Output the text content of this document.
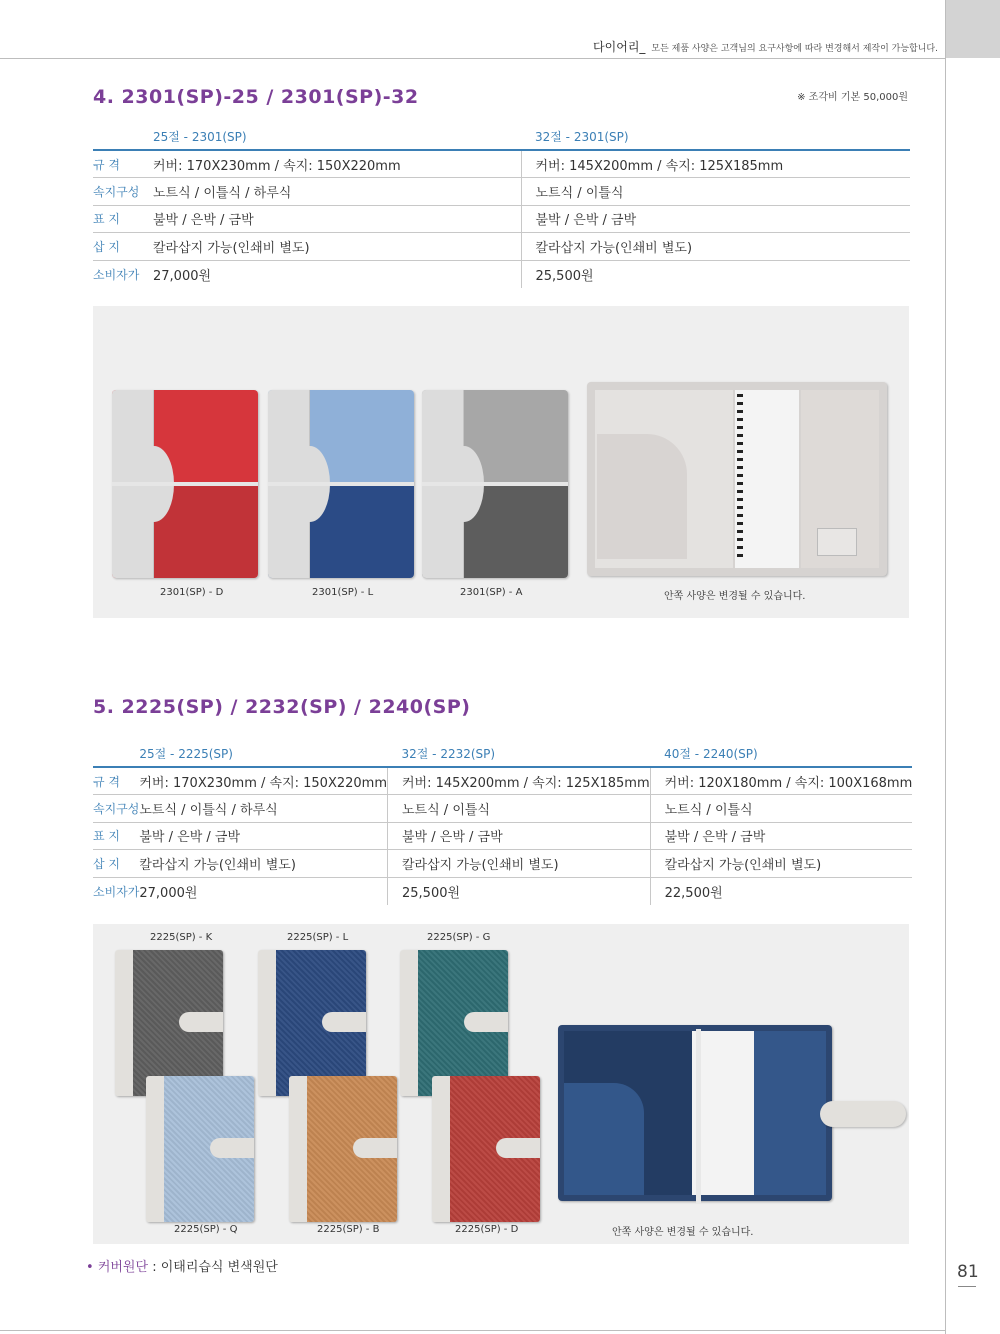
다이어리_ 모든 제품 사양은 고객님의 요구사항에 따라 변경해서 제작이 가능합니다.
4. 2301(SP)-25 / 2301(SP)-32	※ 조각비 기본 50,000원
	25절 - 2301(SP)	32절 - 2301(SP)
규 격	커버: 170X230mm / 속지: 150X220mm	커버: 145X200mm / 속지: 125X185mm
속지구성	노트식 / 이틀식 / 하루식	노트식 / 이틀식
표 지	불박 / 은박 / 금박	불박 / 은박 / 금박
삽 지	칼라삽지 가능(인쇄비 별도)	칼라삽지 가능(인쇄비 별도)
소비자가	27,000원	25,500원
2301(SP) - D	2301(SP) - L	2301(SP) - A	안쪽 사양은 변경될 수 있습니다.
5. 2225(SP) / 2232(SP) / 2240(SP)
	25절 - 2225(SP)	32절 - 2232(SP)	40절 - 2240(SP)
규 격	커버: 170X230mm / 속지: 150X220mm	커버: 145X200mm / 속지: 125X185mm	커버: 120X180mm / 속지: 100X168mm
속지구성	노트식 / 이틀식 / 하루식	노트식 / 이틀식	노트식 / 이틀식
표 지	불박 / 은박 / 금박	불박 / 은박 / 금박	불박 / 은박 / 금박
삽 지	칼라삽지 가능(인쇄비 별도)	칼라삽지 가능(인쇄비 별도)	칼라삽지 가능(인쇄비 별도)
소비자가	27,000원	25,500원	22,500원
2225(SP) - K	2225(SP) - L	2225(SP) - G
2225(SP) - Q	2225(SP) - B	2225(SP) - D	안쪽 사양은 변경될 수 있습니다.
• 커버원단 : 이태리습식 변색원단	81
